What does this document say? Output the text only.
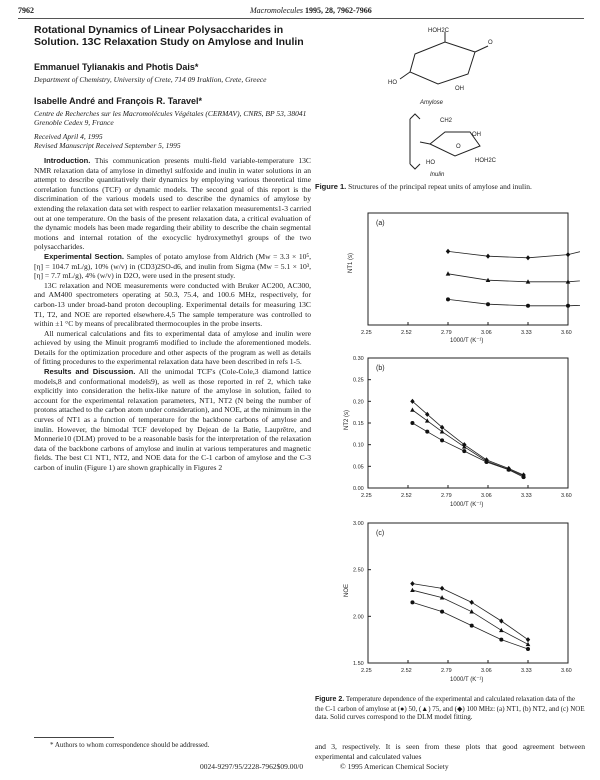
7962	Macromolecules 1995, 28, 7962-7966
Rotational Dynamics of Linear Polysaccharides in Solution. 13C Relaxation Study on Amylose and Inulin
Emmanuel Tylianakis and Photis Dais*
Department of Chemistry, University of Crete, 714 09 Iraklion, Crete, Greece
Isabelle André and François R. Taravel*
Centre de Recherches sur les Macromolécules Végétales (CERMAV), CNRS, BP 53, 38041 Grenoble Cedex 9, France
Received April 4, 1995
Revised Manuscript Received September 5, 1995

Introduction. This communication presents multi-field variable-temperature 13C NMR relaxation data of amylose in dimethyl sulfoxide and inulin in water solutions in an attempt to describe quantitatively their dynamics by employing various theoretical time correlation functions (TCF) or dynamic models. The second goal of this report is the discrimination of the various models used to describe the dynamics of amylose by extending the relaxation data set with respect to earlier relaxation measurements1-3 carried out at one temperature. On the basis of the present relaxation data, a critical evaluation of the dynamic models has been made regarding their ability to describe the chain segmental motions and internal rotation of the exocyclic hydroxymethyl groups of the two polysaccharides.

Experimental Section. Samples of potato amylose from Aldrich (Mw = 3.3 × 10⁵, [η] = 104.7 mL/g), 10% (w/v) in (CD3)2SO-d6, and inulin from Sigma (Mw = 5.1 × 10³, [η] = 7.7 mL/g), 4% (w/v) in D2O, were used in the present study.

13C relaxation and NOE measurements were conducted with Bruker AC200, AC300, and AM400 spectrometers operating at 50.3, 75.4, and 100.6 MHz, respectively, for carbon-13 under broad-band proton decoupling. Experimental details for measuring 13C T1, T2, and NOE are reported elsewhere.4,5 The sample temperature was controlled to within ±1 °C by means of precalibrated thermocouples in the probe inserts.

All numerical calculations and fits to experimental data of amylose and inulin were achieved by using the Minuit program6 modified to include the aforementioned models. Details for the optimization procedure and other aspects of the program as well as details of fitting procedures to the experimental relaxation data have been described in refs 1-5.

Results and Discussion. All the unimodal TCF's (Cole-Cole,3 diamond lattice models,8 and conformational models9), as well as those reported in ref 2, which take explicitly into consideration the helix-like nature of the amylose in solution, failed to account for the experimental relaxation parameters, NT1, NT2 (N being the number of protons attached to the carbon atom under consideration), and NOE, at the minimum in the curves of NT1 as a function of temperature for the backbone carbons of amylose and inulin. However, the bimodal TCF developed by Dejean de la Batie, Lauprêtre, and Monnerie10 (DLM) proved to be a reasonable basis for the interpretation of the relaxation data of the backbone carbons of amylose and inulin at various temperatures and magnetic fields. The best C1 NT1, NT2, and NOE data for the C-1 carbon of amylose and the C-3 carbon of inulin (Figure 1) are shown graphically in Figures 2

* Authors to whom correspondence should be addressed.
0024-9297/95/2228-7962$09.00/0	© 1995 American Chemical Society
HOH2C
HO
OH
O
Amylose
CH2
HOH2C
OH
HO
O
Inulin
Figure 1. Structures of the principal repeat units of amylose and inulin.
(a)
NT1 (s)
2.25	2.52	2.79	3.06	3.33	3.60
1000/T (K⁻¹)
(b)
NT2 (s)
0.00
0.05
0.10
0.15
0.20
0.25
0.30
2.25	2.52	2.79	3.06	3.33	3.60
1000/T (K⁻¹)
(c)
NOE
1.50
2.00
2.50
3.00
2.25	2.52	2.79	3.06	3.33	3.60
1000/T (K⁻¹)
Figure 2. Temperature dependence of the experimental and calculated relaxation data of the the C-1 carbon of amylose at (●) 50, (▲) 75, and (◆) 100 MHz: (a) NT1, (b) NT2, and (c) NOE data. Solid curves correspond to the DLM model fitting.
and 3, respectively. It is seen from these plots that good agreement between experimental and calculated values
